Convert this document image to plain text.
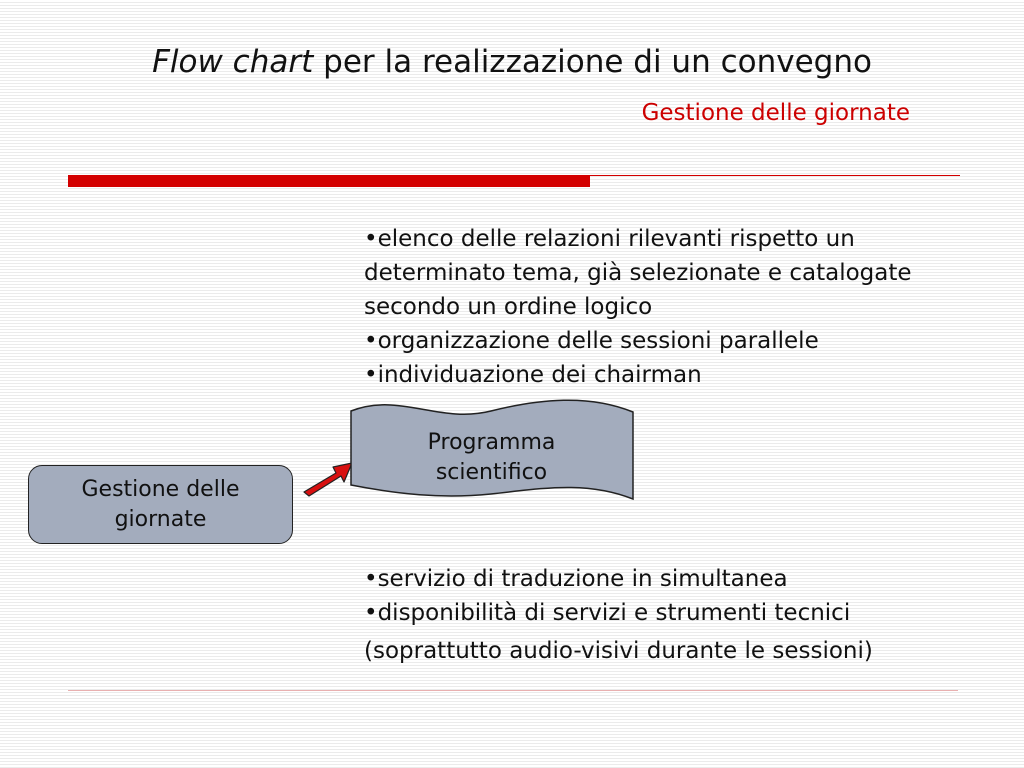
Flow chart per la realizzazione di un convegno
Gestione delle giornate
•elenco delle relazioni rilevanti rispetto un determinato tema, già selezionate e catalogate secondo un ordine logico
•organizzazione delle sessioni parallele
•individuazione dei chairman
Gestione delle
giornate
Programma
scientifico
•servizio di traduzione in simultanea
•disponibilità di servizi e strumenti tecnici
(soprattutto audio-visivi durante le sessioni)
